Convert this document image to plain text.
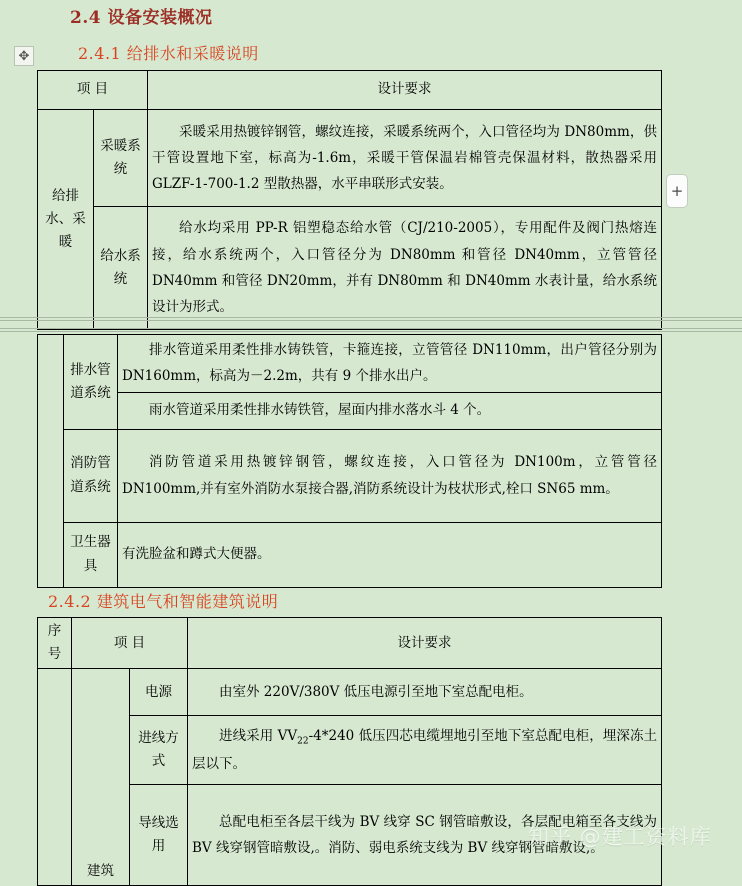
2.4 设备安装概况
2.4.1 给排水和采暖说明
2.4.2 建筑电气和智能建筑说明
✥
+
项 目		设计要求
给排水、采暖	采暖系统	采暖采用热镀锌钢管，螺纹连接，采暖系统两个，入口管径均为 DN80mm，供干管设置地下室，标高为-1.6m，采暖干管保温岩棉管壳保温材料，散热器采用 GLZF-1-700-1.2 型散热器，水平串联形式安装。

	给水系统	给水均采用 PP-R 铝塑稳态给水管（CJ/210-2005），专用配件及阀门热熔连接，给水系统两个，入口管径分为 DN80mm 和管径 DN40mm，立管管径 DN40mm 和管径 DN20mm，并有 DN80mm 和 DN40mm 水表计量，给水系统设计为形式。

	排水管道系统	排水管道采用柔性排水铸铁管，卡箍连接，立管管径 DN110mm，出户管径分别为 DN160mm，标高为－2.2m，共有 9 个排水出户。

		雨水管道采用柔性排水铸铁管，屋面内排水落水斗 4 个。

	消防管道系统	消防管道采用热镀锌钢管，螺纹连接，入口管径为 DN100m，立管管径 DN100mm,并有室外消防水泵接合器,消防系统设计为枝状形式,栓口 SN65 mm。

	卫生器具	有洗脸盆和蹲式大便器。

序号	项 目		设计要求
	建筑	电源	由室外 220V/380V 低压电源引至地下室总配电柜。

		进线方式	进线采用 $VV_{22}-4*240$ 低压四芯电缆埋地引至地下室总配电柜，埋深冻土层以下。

		导线选用	总配电柜至各层干线为 BV 线穿 SC 钢管暗敷设，各层配电箱至各支线为 BV 线穿钢管暗敷设,。消防、弱电系统支线为 BV 线穿钢管暗敷设,。

知乎 @建工资料库
